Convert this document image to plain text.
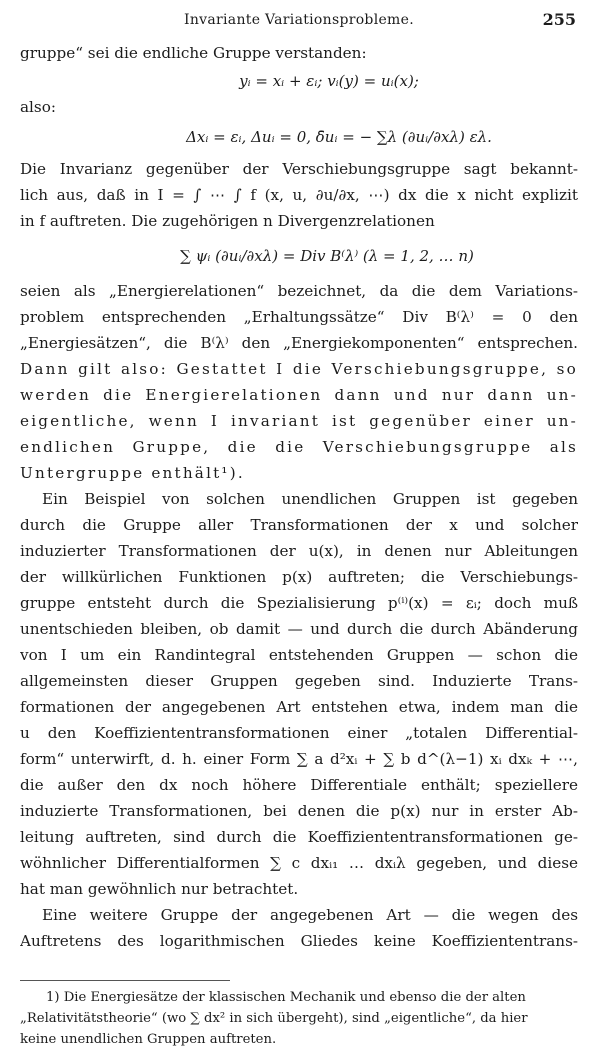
Invariante Variationsprobleme.	255
gruppe“ sei die endliche Gruppe verstanden:
yᵢ = xᵢ + εᵢ; vᵢ(y) = uᵢ(x);
also:
Δxᵢ = εᵢ, Δuᵢ = 0, δ̄uᵢ = − ∑λ (∂uᵢ/∂xλ) ελ.
Die Invarianz gegenüber der Verschiebungsgruppe sagt bekannt-
lich aus, daß in I = ∫ ⋯ ∫ f (x, u, ∂u/∂x, ⋯) dx die x nicht explizit
in f auftreten. Die zugehörigen n Divergenzrelationen
∑ ψᵢ (∂uᵢ/∂xλ) = Div B⁽λ⁾ (λ = 1, 2, … n)
seien als „Energierelationen“ bezeichnet, da die dem Variations-
problem entsprechenden „Erhaltungssätze“ Div B⁽λ⁾ = 0 den
„Energiesätzen“, die B⁽λ⁾ den „Energiekomponenten“ entsprechen.
Dann gilt also: Gestattet I die Verschiebungsgruppe, so
werden die Energierelationen dann und nur dann un-
eigentliche, wenn I invariant ist gegenüber einer un-
endlichen Gruppe, die die Verschiebungsgruppe als
Untergruppe enthält¹).
Ein Beispiel von solchen unendlichen Gruppen ist gegeben
durch die Gruppe aller Transformationen der x und solcher
induzierter Transformationen der u(x), in denen nur Ableitungen
der willkürlichen Funktionen p(x) auftreten; die Verschiebungs-
gruppe entsteht durch die Spezialisierung p⁽ⁱ⁾(x) = εᵢ; doch muß
unentschieden bleiben, ob damit — und durch die durch Abänderung
von I um ein Randintegral entstehenden Gruppen — schon die
allgemeinsten dieser Gruppen gegeben sind. Induzierte Trans-
formationen der angegebenen Art entstehen etwa, indem man die
u den Koeffiziententransformationen einer „totalen Differential-
form“ unterwirft, d. h. einer Form ∑ a d²xᵢ + ∑ b d^(λ−1) xᵢ dxₖ + ⋯,
die außer den dx noch höhere Differentiale enthält; speziellere
induzierte Transformationen, bei denen die p(x) nur in erster Ab-
leitung auftreten, sind durch die Koeffiziententransformationen ge-
wöhnlicher Differentialformen ∑ c dxᵢ₁ … dxᵢλ gegeben, und diese
hat man gewöhnlich nur betrachtet.
Eine weitere Gruppe der angegebenen Art — die wegen des
Auftretens des logarithmischen Gliedes keine Koeffiziententrans-
1) Die Energiesätze der klassischen Mechanik und ebenso die der alten
„Relativitätstheorie“ (wo ∑ dx² in sich übergeht), sind „eigentliche“, da hier
keine unendlichen Gruppen auftreten.
